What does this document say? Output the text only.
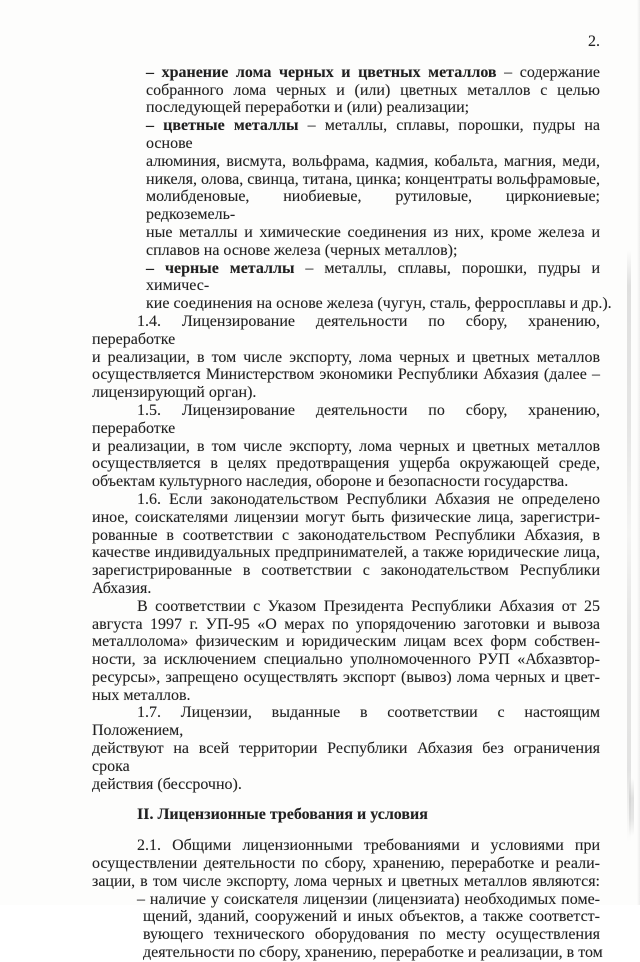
2.
– хранение лома черных и цветных металлов – содержание
собранного лома черных и (или) цветных металлов с целью
последующей переработки и (или) реализации;
– цветные металлы – металлы, сплавы, порошки, пудры на основе
алюминия, висмута, вольфрама, кадмия, кобальта, магния, меди,
никеля, олова, свинца, титана, цинка; концентраты вольфрамовые,
молибденовые, ниобиевые, рутиловые, циркониевые; редкоземель-
ные металлы и химические соединения из них, кроме железа и
сплавов на основе железа (черных металлов);
– черные металлы – металлы, сплавы, порошки, пудры и химичес-
кие соединения на основе железа (чугун, сталь, ферросплавы и др.).
1.4. Лицензирование деятельности по сбору, хранению, переработке
и реализации, в том числе экспорту, лома черных и цветных металлов
осуществляется Министерством экономики Республики Абхазия (далее –
лицензирующий орган).
1.5. Лицензирование деятельности по сбору, хранению, переработке
и реализации, в том числе экспорту, лома черных и цветных металлов
осуществляется в целях предотвращения ущерба окружающей среде,
объектам культурного наследия, обороне и безопасности государства.
1.6. Если законодательством Республики Абхазия не определено
иное, соискателями лицензии могут быть физические лица, зарегистри-
рованные в соответствии с законодательством Республики Абхазия, в
качестве индивидуальных предпринимателей, а также юридические лица,
зарегистрированные в соответствии с законодательством Республики
Абхазия.
В соответствии с Указом Президента Республики Абхазия от 25
августа 1997 г. УП-95 «О мерах по упорядочению заготовки и вывоза
металлолома» физическим и юридическим лицам всех форм собствен-
ности, за исключением специально уполномоченного РУП «Абхазвтор-
ресурсы», запрещено осуществлять экспорт (вывоз) лома черных и цвет-
ных металлов.
1.7. Лицензии, выданные в соответствии с настоящим Положением,
действуют на всей территории Республики Абхазия без ограничения срока
действия (бессрочно).
II. Лицензионные требования и условия
2.1. Общими лицензионными требованиями и условиями при
осуществлении деятельности по сбору, хранению, переработке и реали-
зации, в том числе экспорту, лома черных и цветных металлов являются:
– наличие у соискателя лицензии (лицензиата) необходимых поме-
щений, зданий, сооружений и иных объектов, а также соответст-
вующего технического оборудования по месту осуществления
деятельности по сбору, хранению, переработке и реализации, в том
